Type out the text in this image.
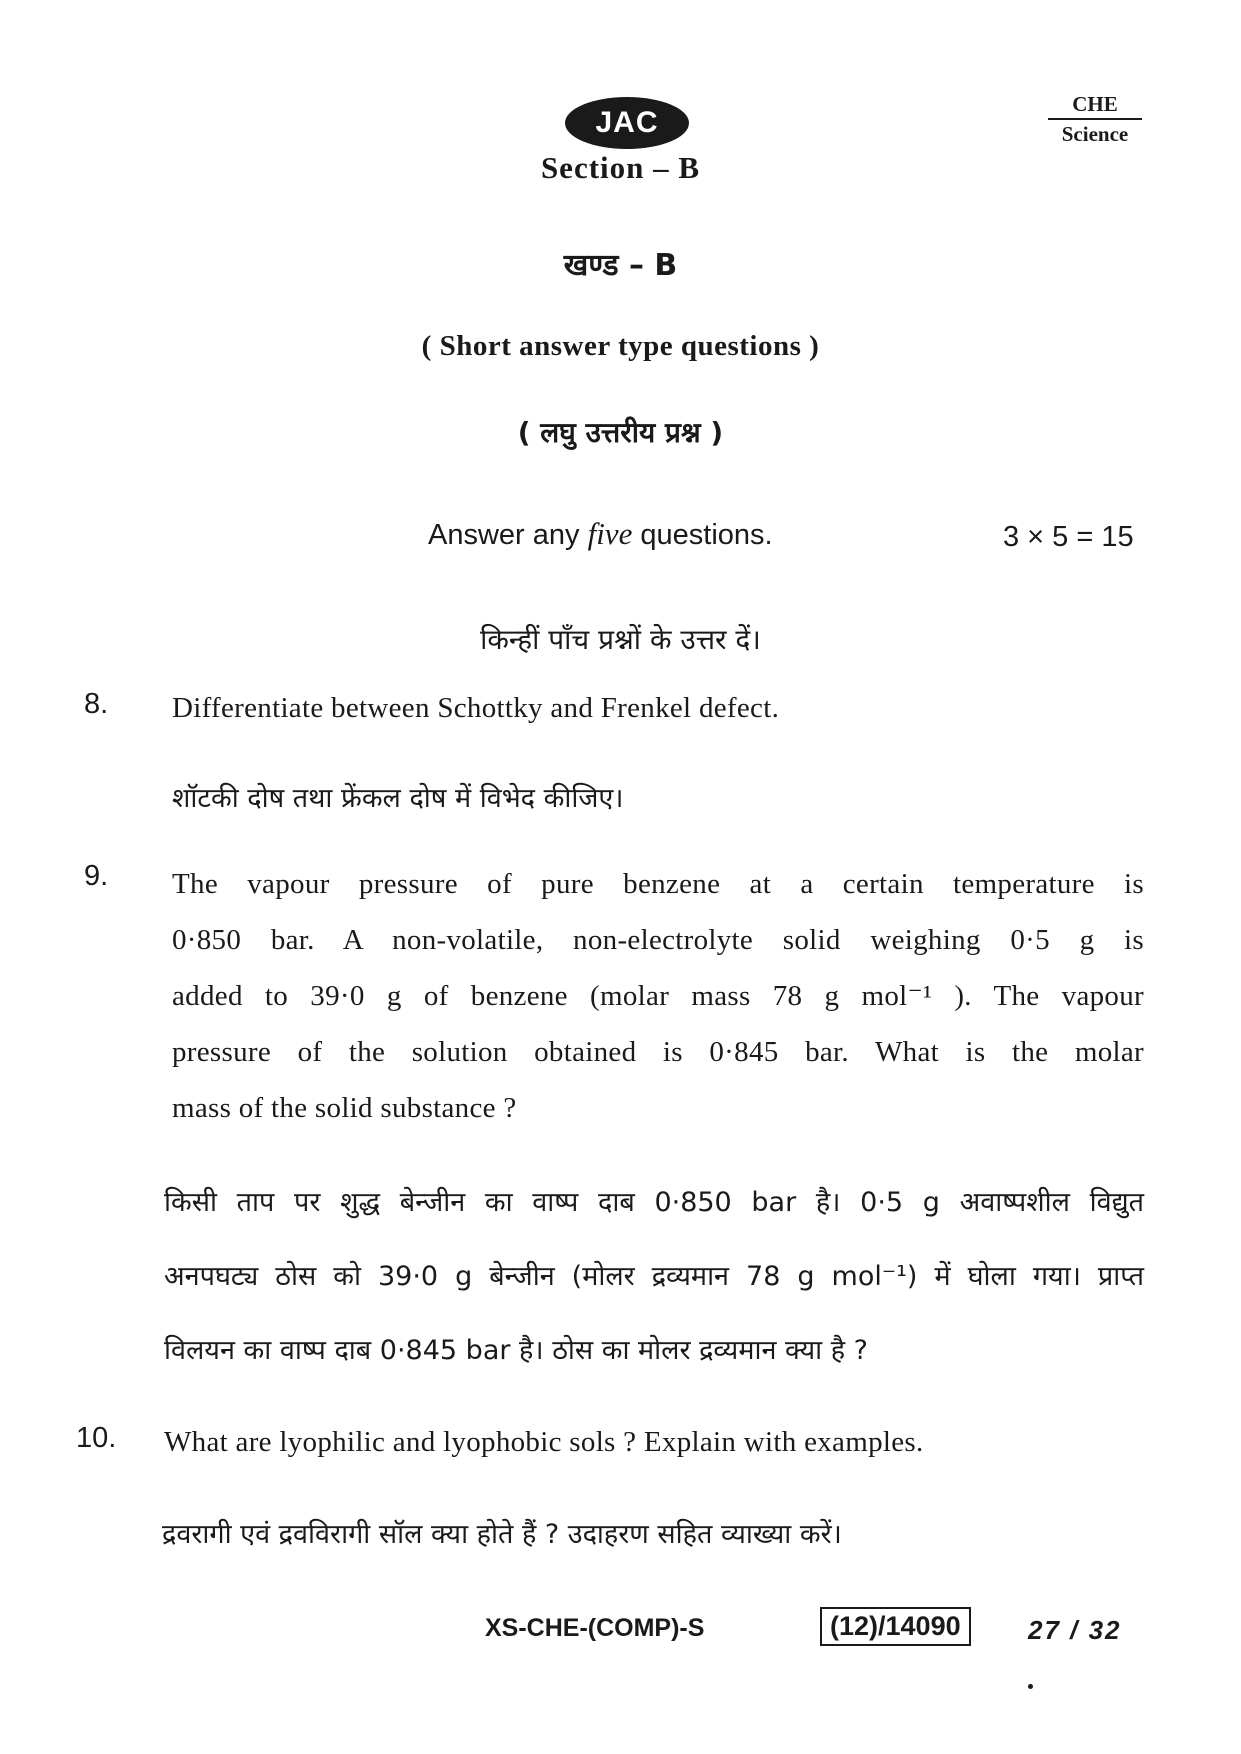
JAC
CHE
Science
Section – B
खण्ड – B
( Short answer type questions )
( लघु उत्तरीय प्रश्न )
Answer any five questions.	3 × 5 = 15
किन्हीं पाँच प्रश्नों के उत्तर दें।
8. Differentiate between Schottky and Frenkel defect.
शॉटकी दोष तथा फ्रेंकल दोष में विभेद कीजिए।
9. The vapour pressure of pure benzene at a certain temperature is
0·850 bar. A non-volatile, non-electrolyte solid weighing 0·5 g is
added to 39·0 g of benzene (molar mass 78 g mol⁻¹ ). The vapour
pressure of the solution obtained is 0·845 bar. What is the molar
mass of the solid substance ?
किसी ताप पर शुद्ध बेन्जीन का वाष्प दाब 0·850 bar है। 0·5 g अवाष्पशील विद्युत
अनपघट्य ठोस को 39·0 g बेन्जीन (मोलर द्रव्यमान 78 g mol⁻¹) में घोला गया। प्राप्त
विलयन का वाष्प दाब 0·845 bar है। ठोस का मोलर द्रव्यमान क्या है ?
10. What are lyophilic and lyophobic sols ? Explain with examples.
द्रवरागी एवं द्रवविरागी सॉल क्या होते हैं ? उदाहरण सहित व्याख्या करें।
XS-CHE-(COMP)-S	(12)/14090	27 / 32
